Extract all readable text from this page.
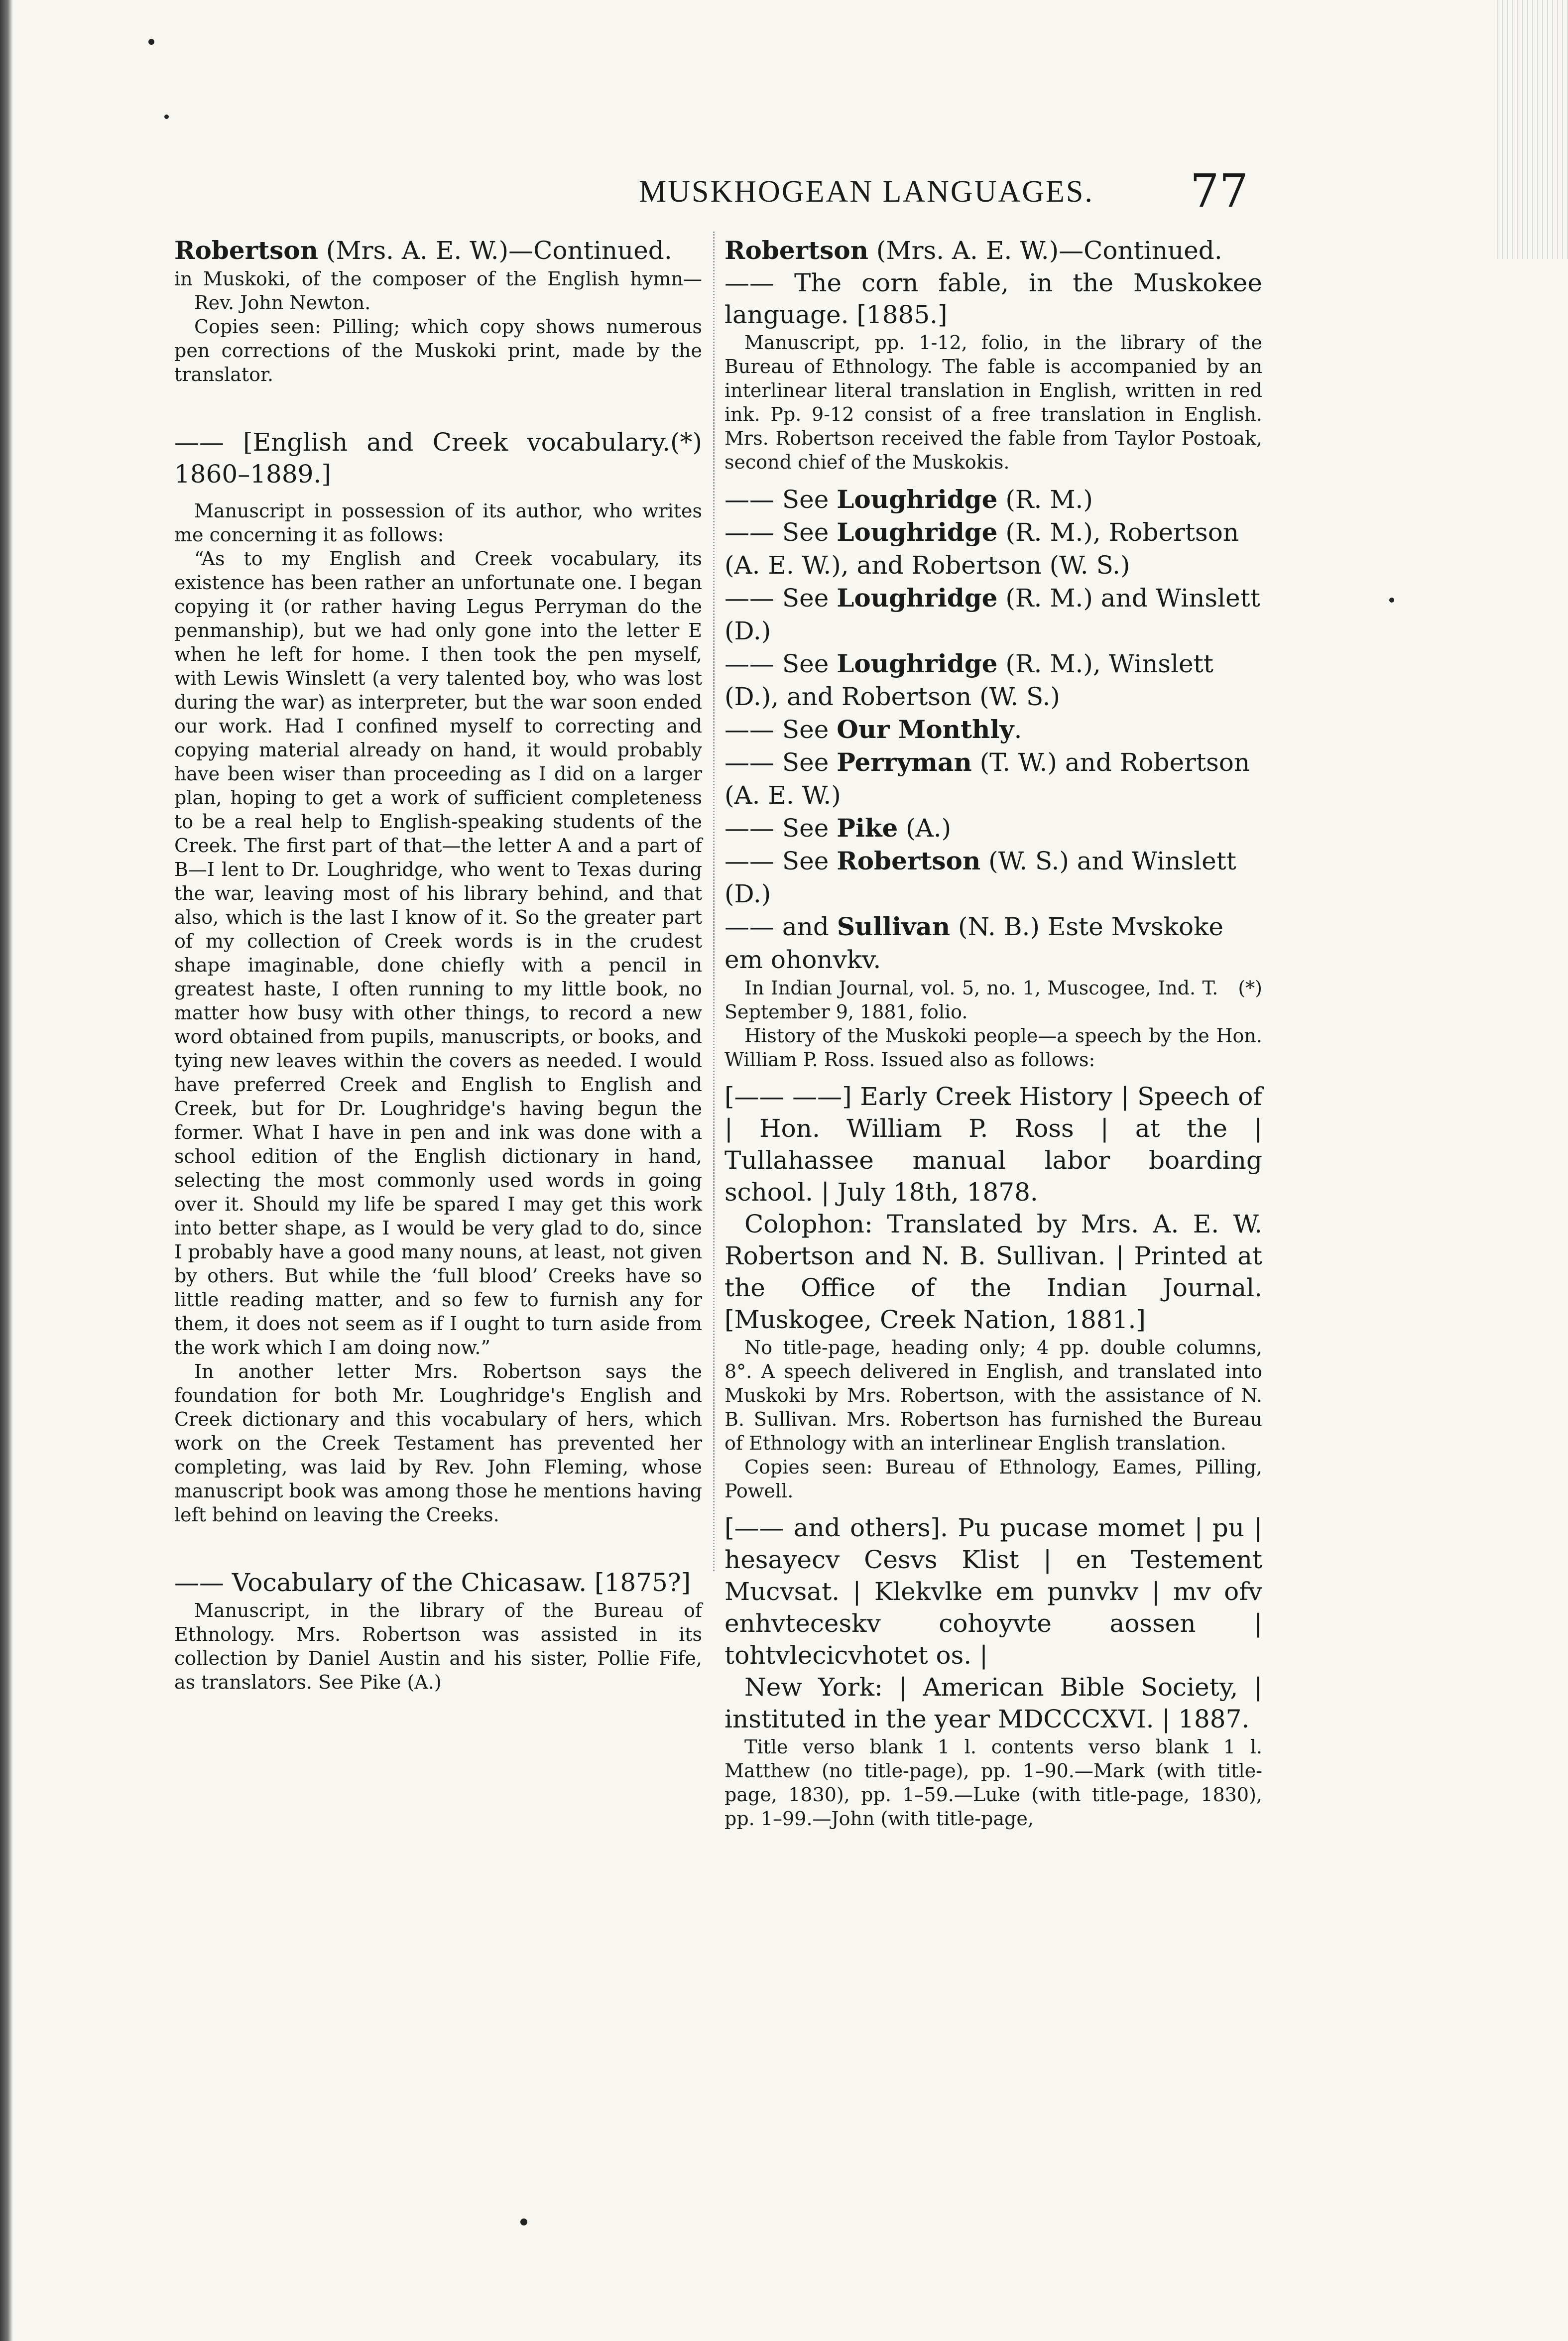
MUSKHOGEAN LANGUAGES.	77

Robertson (Mrs. A. E. W.)—Continued.

in Muskoki, of the composer of the English hymn—Rev. John Newton.

Copies seen: Pilling; which copy shows numerous pen corrections of the Muskoki print, made by the translator.

—— [English and Creek vocabulary. 1860–1889.]
(*)

Manuscript in possession of its author, who writes me concerning it as follows:

“As to my English and Creek vocabulary, its existence has been rather an unfortunate one. I began copying it (or rather having Legus Perryman do the penmanship), but we had only gone into the letter E when he left for home. I then took the pen myself, with Lewis Winslett (a very talented boy, who was lost during the war) as interpreter, but the war soon ended our work. Had I confined myself to correcting and copying material already on hand, it would probably have been wiser than proceeding as I did on a larger plan, hoping to get a work of sufficient completeness to be a real help to English-speaking students of the Creek. The first part of that—the letter A and a part of B—I lent to Dr. Loughridge, who went to Texas during the war, leaving most of his library behind, and that also, which is the last I know of it. So the greater part of my collection of Creek words is in the crudest shape imaginable, done chiefly with a pencil in greatest haste, I often running to my little book, no matter how busy with other things, to record a new word obtained from pupils, manuscripts, or books, and tying new leaves within the covers as needed. I would have preferred Creek and English to English and Creek, but for Dr. Loughridge's having begun the former. What I have in pen and ink was done with a school edition of the English dictionary in hand, selecting the most commonly used words in going over it. Should my life be spared I may get this work into better shape, as I would be very glad to do, since I probably have a good many nouns, at least, not given by others. But while the ‘full blood’ Creeks have so little reading matter, and so few to furnish any for them, it does not seem as if I ought to turn aside from the work which I am doing now.”

In another letter Mrs. Robertson says the foundation for both Mr. Loughridge's English and Creek dictionary and this vocabulary of hers, which work on the Creek Testament has prevented her completing, was laid by Rev. John Fleming, whose manuscript book was among those he mentions having left behind on leaving the Creeks.

—— Vocabulary of the Chicasaw. [1875?]

Manuscript, in the library of the Bureau of Ethnology. Mrs. Robertson was assisted in its collection by Daniel Austin and his sister, Pollie Fife, as translators. See Pike (A.)

Robertson (Mrs. A. E. W.)—Continued.

—— The corn fable, in the Muskokee language. [1885.]

Manuscript, pp. 1-12, folio, in the library of the Bureau of Ethnology. The fable is accompanied by an interlinear literal translation in English, written in red ink. Pp. 9-12 consist of a free translation in English. Mrs. Robertson received the fable from Taylor Postoak, second chief of the Muskokis.

—— See Loughridge (R. M.)

—— See Loughridge (R. M.), Robertson (A. E. W.), and Robertson (W. S.)

—— See Loughridge (R. M.) and Winslett (D.)

—— See Loughridge (R. M.), Winslett (D.), and Robertson (W. S.)

—— See Our Monthly.

—— See Perryman (T. W.) and Robertson (A. E. W.)

—— See Pike (A.)

—— See Robertson (W. S.) and Winslett (D.)

—— and Sullivan (N. B.) Este Mvskoke em ohonvkv.

In Indian Journal, vol. 5, no. 1, Muscogee, Ind. T. September 9, 1881, folio.
(*)

History of the Muskoki people—a speech by the Hon. William P. Ross. Issued also as follows:

[—— ——] Early Creek History | Speech of | Hon. William P. Ross | at the | Tullahassee manual labor boarding school. | July 18th, 1878.

Colophon: Translated by Mrs. A. E. W. Robertson and N. B. Sullivan. | Printed at the Office of the Indian Journal. [Muskogee, Creek Nation, 1881.]

No title-page, heading only; 4 pp. double columns, 8°. A speech delivered in English, and translated into Muskoki by Mrs. Robertson, with the assistance of N. B. Sullivan. Mrs. Robertson has furnished the Bureau of Ethnology with an interlinear English translation.

Copies seen: Bureau of Ethnology, Eames, Pilling, Powell.

[—— and others]. Pu pucase momet | pu | hesayecv Cesvs Klist | en Testement Mucvsat. | Klekvlke em punvkv | mv ofv enhvteceskv cohoyvte aossen | tohtvlecicvhotet os. |

New York: | American Bible Society, | instituted in the year MDCCCXVI. | 1887.

Title verso blank 1 l. contents verso blank 1 l. Matthew (no title-page), pp. 1–90.—Mark (with title-page, 1830), pp. 1–59.—Luke (with title-page, 1830), pp. 1–99.—John (with title-page,
